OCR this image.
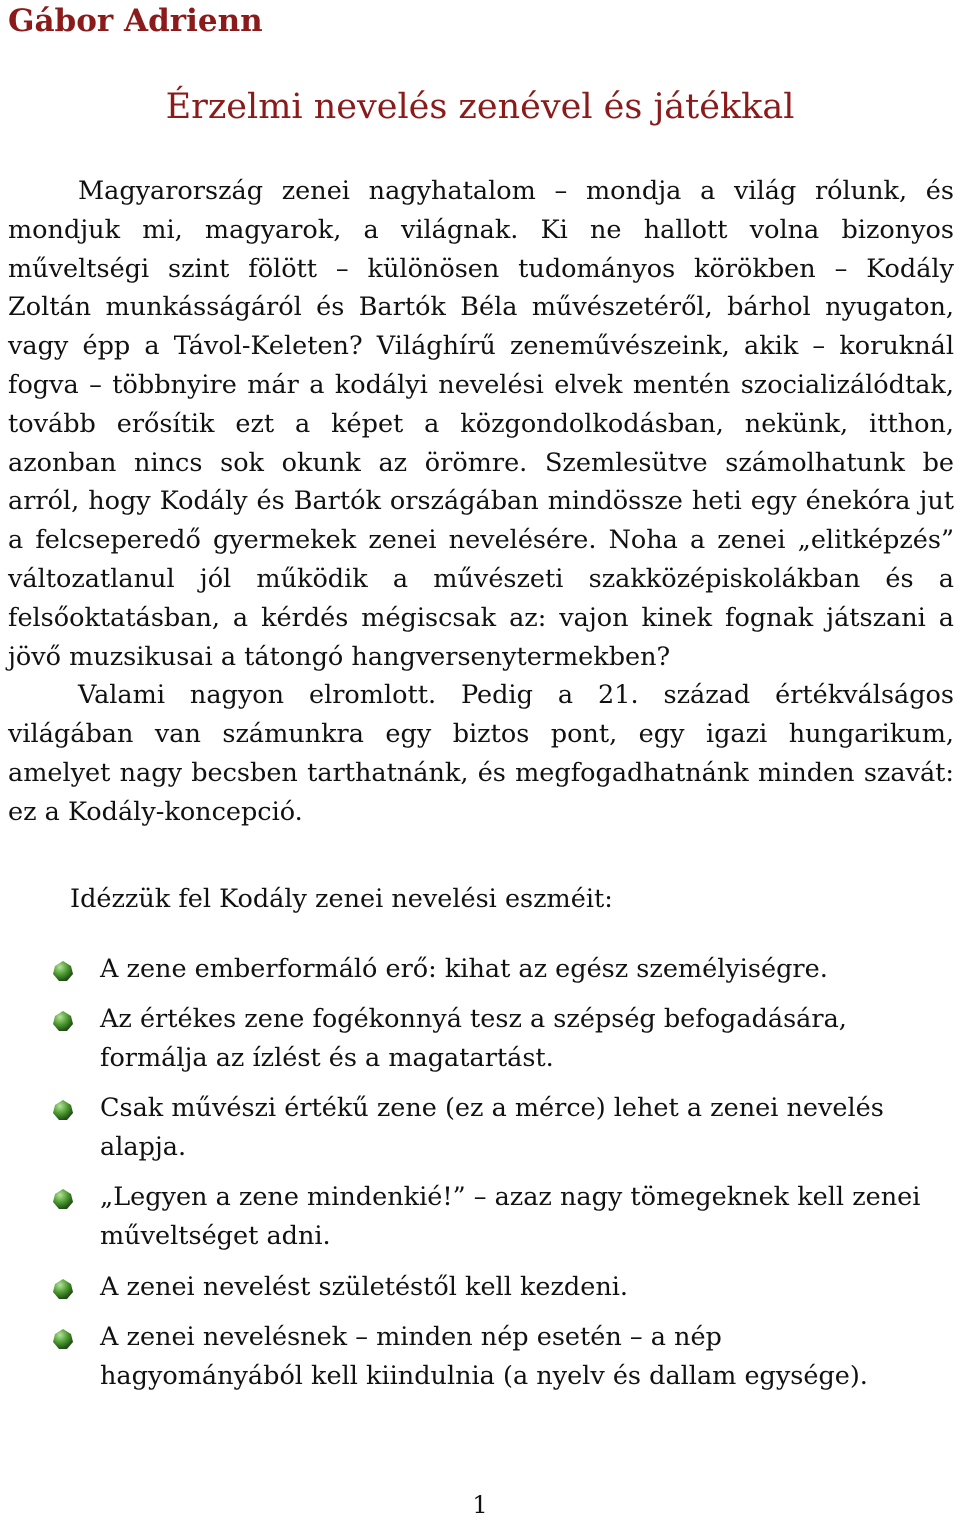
Gábor Adrienn
Érzelmi nevelés zenével és játékkal

Magyarország zenei nagyhatalom – mondja a világ rólunk, és mondjuk mi, magyarok, a világnak. Ki ne hallott volna bizonyos műveltségi szint fölött – különösen tudományos körökben – Kodály Zoltán munkásságáról és Bartók Béla művészetéről, bárhol nyugaton, vagy épp a Távol-Keleten? Világhírű zeneművészeink, akik – koruknál fogva – többnyire már a kodályi nevelési elvek mentén szocializálódtak, tovább erősítik ezt a képet a közgondolkodásban, nekünk, itthon, azonban nincs sok okunk az örömre. Szemlesütve számolhatunk be arról, hogy Kodály és Bartók országában mindössze heti egy énekóra jut a felcseperedő gyermekek zenei nevelésére. Noha a zenei „elitképzés” változatlanul jól működik a művészeti szakközépiskolákban és a felsőoktatásban, a kérdés mégiscsak az: vajon kinek fognak játszani a jövő muzsikusai a tátongó hangversenytermekben?

Valami nagyon elromlott. Pedig a 21. század értékválságos világában van számunkra egy biztos pont, egy igazi hungarikum, amelyet nagy becsben tarthatnánk, és megfogadhatnánk minden szavát: ez a Kodály-koncepció.

Idézzük fel Kodály zenei nevelési eszméit:

A zene emberformáló erő: kihat az egész személyiségre.
Az értékes zene fogékonnyá tesz a szépség befogadására, formálja az ízlést és a magatartást.
Csak művészi értékű zene (ez a mérce) lehet a zenei nevelés alapja.
„Legyen a zene mindenkié!” – azaz nagy tömegeknek kell zenei műveltséget adni.
A zenei nevelést születéstől kell kezdeni.
A zenei nevelésnek – minden nép esetén – a nép hagyományából kell kiindulnia (a nyelv és dallam egysége).
1
